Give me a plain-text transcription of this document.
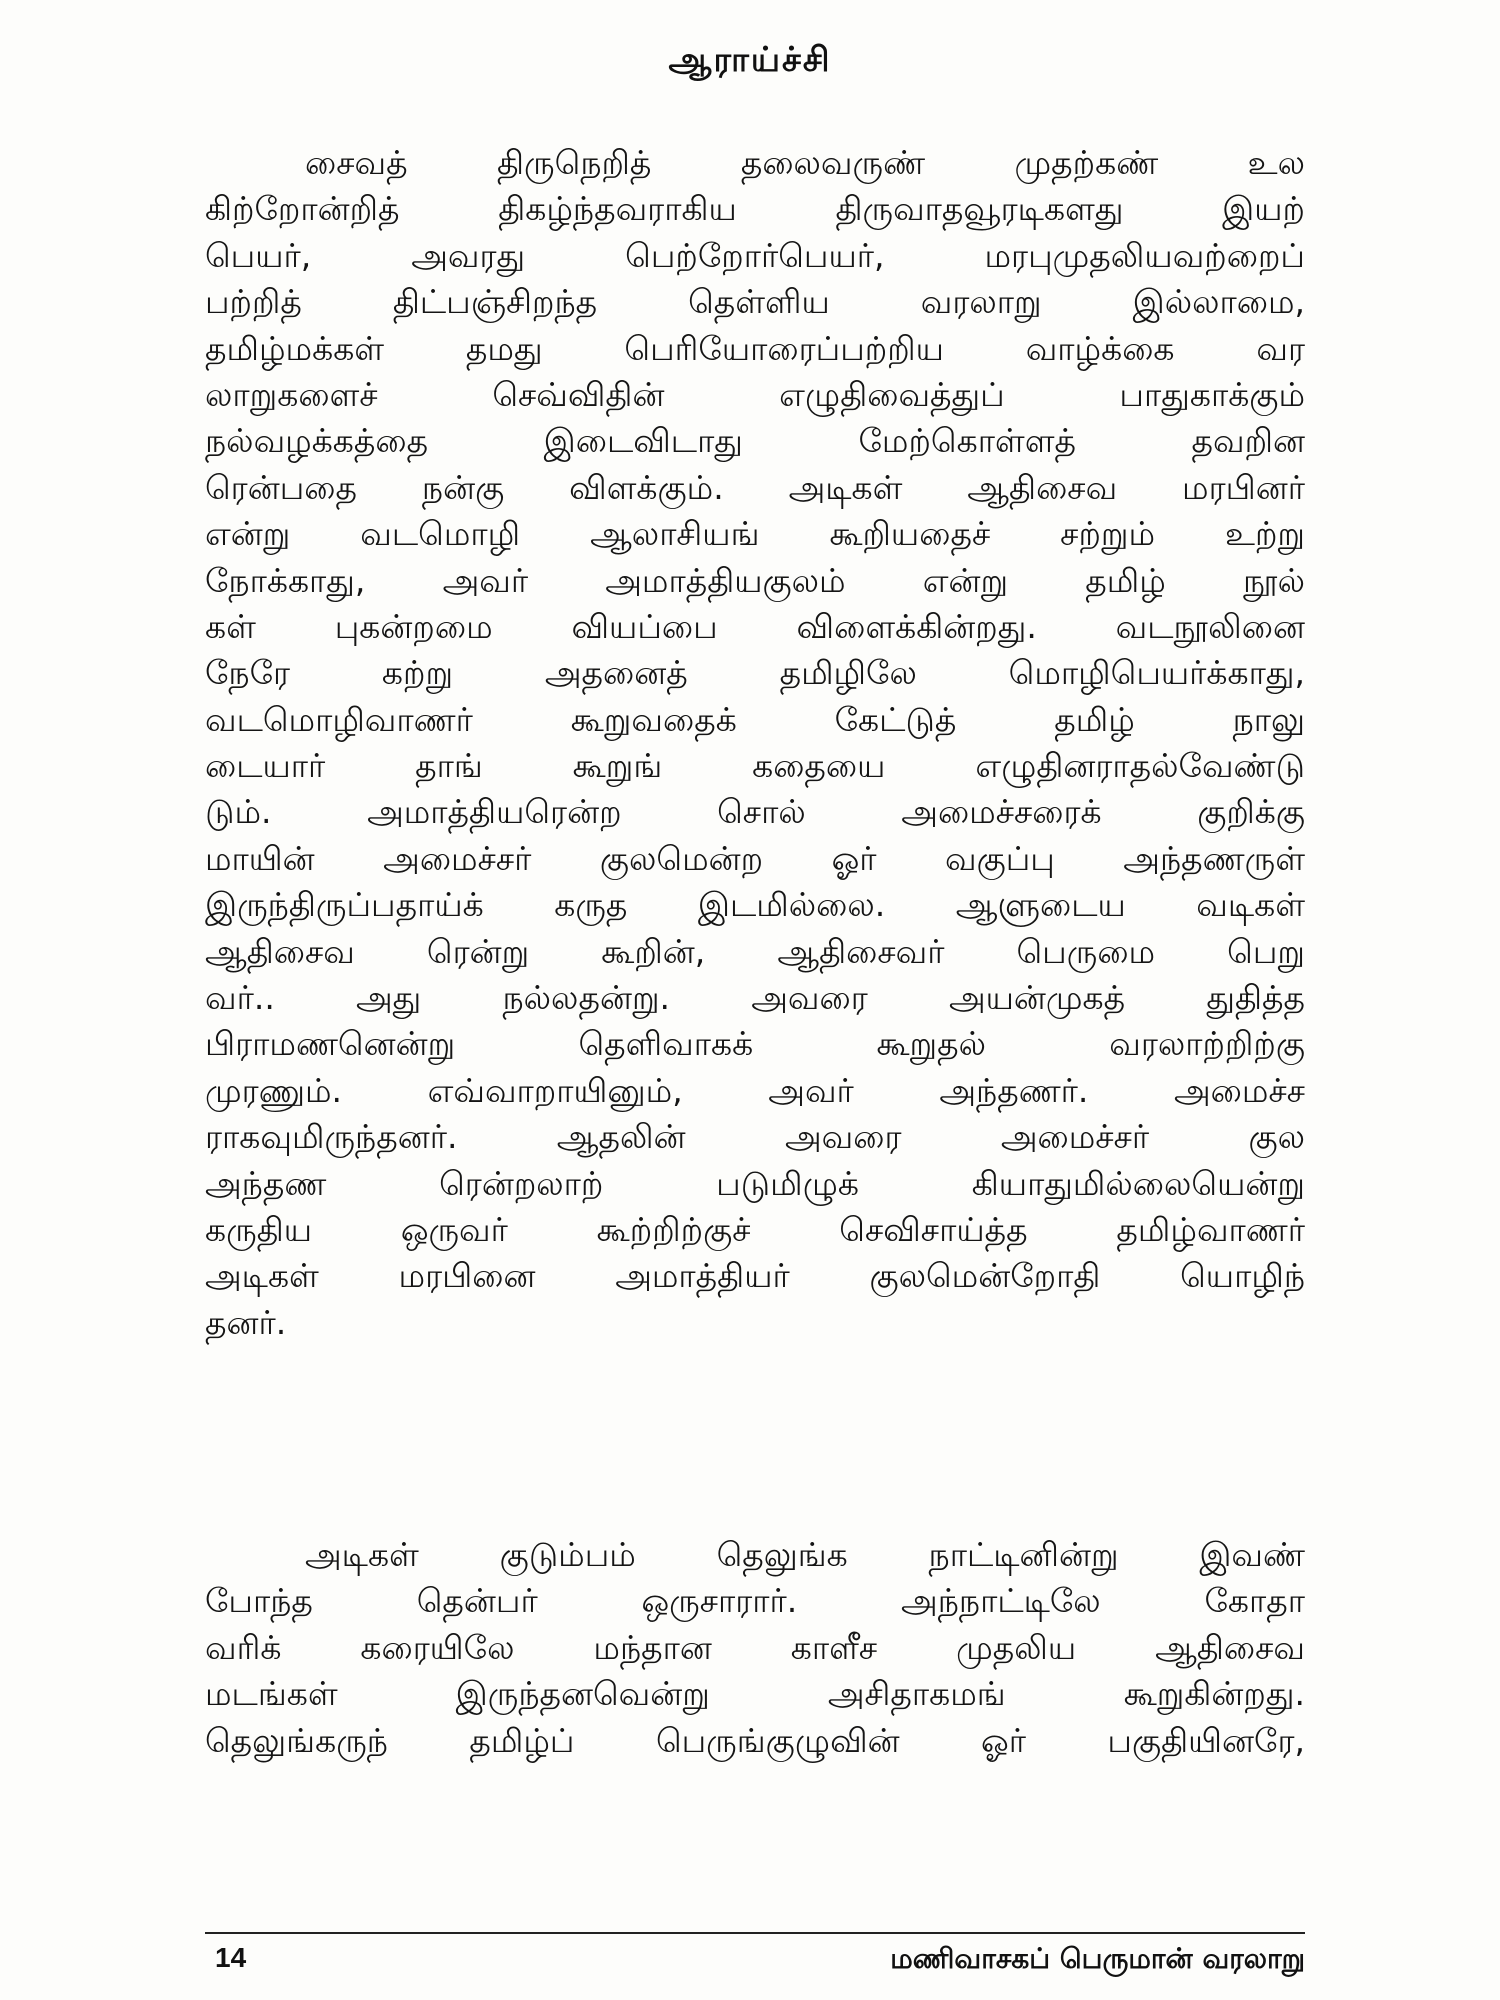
ஆராய்ச்சி
சைவத் திருநெறித் தலைவருண் முதற்கண் உல
கிற்றோன்றித் திகழ்ந்தவராகிய திருவாதவூரடிகளது இயற்
பெயர், அவரது பெற்றோர்பெயர், மரபுமுதலியவற்றைப்
பற்றித் திட்பஞ்சிறந்த தெள்ளிய வரலாறு இல்லாமை,
தமிழ்மக்கள் தமது பெரியோரைப்பற்றிய வாழ்க்கை வர
லாறுகளைச் செவ்விதின் எழுதிவைத்துப் பாதுகாக்கும்
நல்வழக்கத்தை இடைவிடாது மேற்கொள்ளத் தவறின
ரென்பதை நன்கு விளக்கும். அடிகள் ஆதிசைவ மரபினர்
என்று வடமொழி ஆலாசியங் கூறியதைச் சற்றும் உற்று
நோக்காது, அவர் அமாத்தியகுலம் என்று தமிழ் நூல்
கள் புகன்றமை வியப்பை விளைக்கின்றது. வடநூலினை
நேரே கற்று அதனைத் தமிழிலே மொழிபெயர்க்காது,
வடமொழிவாணர் கூறுவதைக் கேட்டுத் தமிழ் நாலு
டையார் தாங் கூறுங் கதையை எழுதினராதல்வேண்டு
டும். அமாத்தியரென்ற சொல் அமைச்சரைக் குறிக்கு
மாயின் அமைச்சர் குலமென்ற ஓர் வகுப்பு அந்தணருள்
இருந்திருப்பதாய்க் கருத இடமில்லை. ஆளுடைய வடிகள்
ஆதிசைவ ரென்று கூறின், ஆதிசைவர் பெருமை பெறு
வர்.. அது நல்லதன்று. அவரை அயன்முகத் துதித்த
பிராமணனென்று தெளிவாகக் கூறுதல் வரலாற்றிற்கு
முரணும். எவ்வாறாயினும், அவர் அந்தணர். அமைச்ச
ராகவுமிருந்தனர். ஆதலின் அவரை அமைச்சர் குல
அந்தண ரென்றலாற் படுமிழுக் கியாதுமில்லையென்று
கருதிய ஒருவர் கூற்றிற்குச் செவிசாய்த்த தமிழ்வாணர்
அடிகள் மரபினை அமாத்தியர் குலமென்றோதி யொழிந்
தனர்.
அடிகள் குடும்பம் தெலுங்க நாட்டினின்று இவண்
போந்த தென்பர் ஒருசாரார். அந்நாட்டிலே கோதா
வரிக் கரையிலே மந்தான காளீச முதலிய ஆதிசைவ
மடங்கள் இருந்தனவென்று அசிதாகமங் கூறுகின்றது.
தெலுங்கருந் தமிழ்ப் பெருங்குழுவின் ஓர் பகுதியினரே,
14	மணிவாசகப் பெருமான் வரலாறு
